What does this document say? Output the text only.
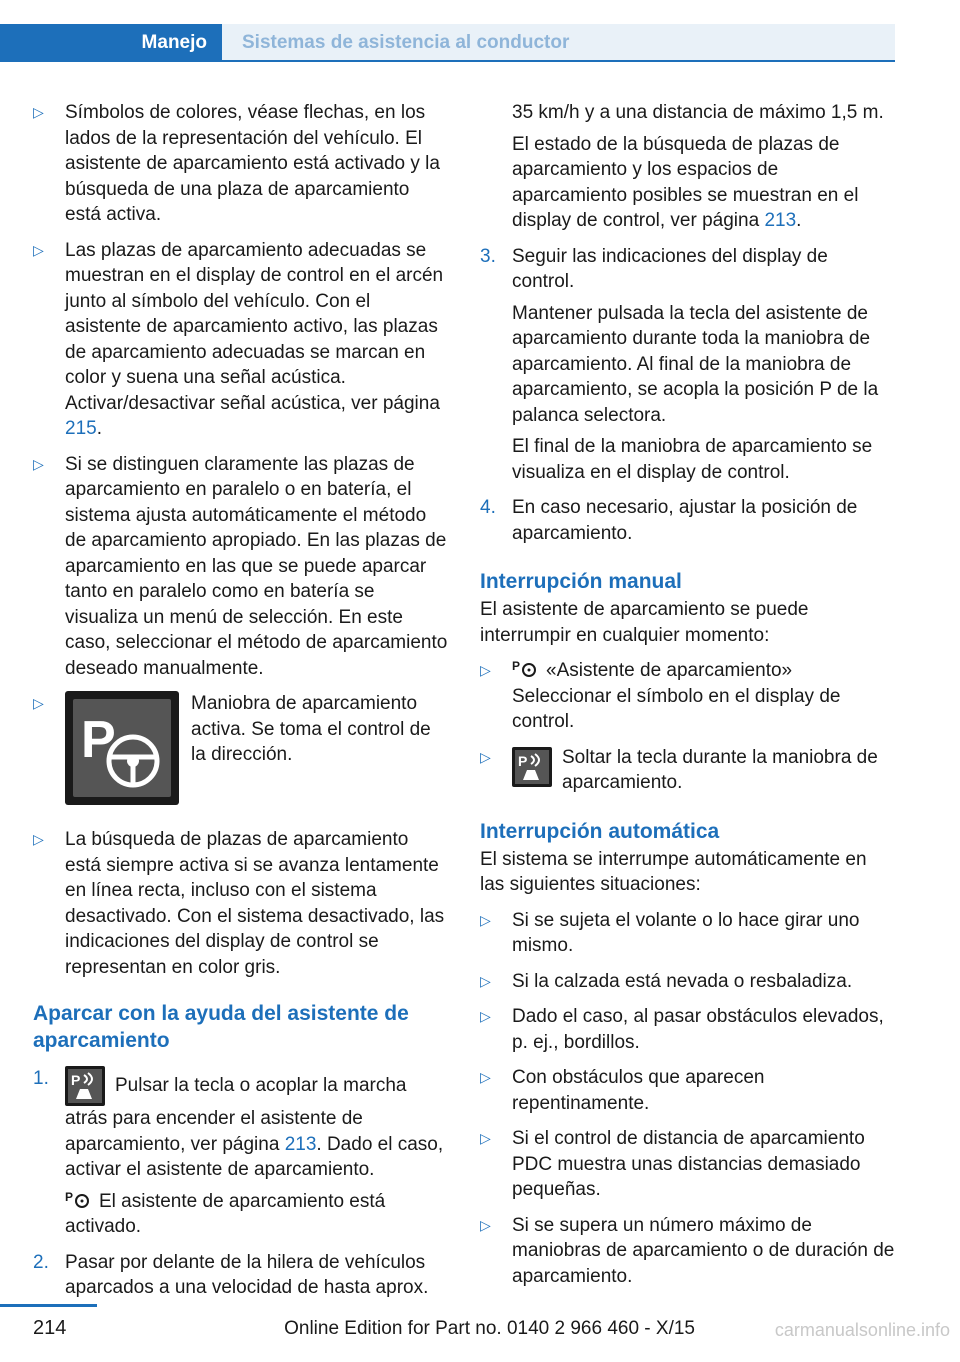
Manejo	Sistemas de asistencia al conductor
▷ Símbolos de colores, véase flechas, en los lados de la representación del vehículo. El asistente de aparcamiento está activado y la búsqueda de una plaza de aparcamiento está activa.

▷ Las plazas de aparcamiento adecuadas se muestran en el display de control en el arcén junto al símbolo del vehículo. Con el asistente de aparcamiento activo, las plazas de aparcamiento adecuadas se marcan en color y suena una señal acústica. Activar/desactivar señal acústica, ver página 215.

▷ Si se distinguen claramente las plazas de aparcamiento en paralelo o en batería, el sistema ajusta automáticamente el método de aparcamiento apropiado. En las plazas de aparcamiento en las que se puede aparcar tanto en paralelo como en batería se visualiza un menú de selección. En este caso, seleccionar el método de aparcamiento deseado manualmente.

▷
P

Maniobra de aparcamiento activa. Se toma el control de la dirección.

▷ La búsqueda de plazas de aparcamiento está siempre activa si se avanza lentamente en línea recta, incluso con el sistema desactivado. Con el sistema desactivado, las indicaciones del display de control se representan en color gris.

Aparcar con la ayuda del asistente de aparcamiento
1. P Pulsar la tecla o acoplar la marcha atrás para encender el asistente de aparcamiento, ver página 213. Dado el caso, activar el asistente de aparcamiento.

P El asistente de aparcamiento está activado.

2. Pasar por delante de la hilera de vehículos aparcados a una velocidad de hasta aprox.

35 km/h y a una distancia de máximo 1,5 m.

El estado de la búsqueda de plazas de aparcamiento y los espacios de aparcamiento posibles se muestran en el display de control, ver página 213.

3. Seguir las indicaciones del display de control.

Mantener pulsada la tecla del asistente de aparcamiento durante toda la maniobra de aparcamiento. Al final de la maniobra de aparcamiento, se acopla la posición P de la palanca selectora.

El final de la maniobra de aparcamiento se visualiza en el display de control.

4. En caso necesario, ajustar la posición de aparcamiento.

Interrupción manual

El asistente de aparcamiento se puede interrumpir en cualquier momento:

▷ P «Asistente de aparcamiento» Seleccionar el símbolo en el display de control.

▷ P Soltar la tecla durante la maniobra de aparcamiento.

Interrupción automática

El sistema se interrumpe automáticamente en las siguientes situaciones:

▷ Si se sujeta el volante o lo hace girar uno mismo.

▷ Si la calzada está nevada o resbaladiza.

▷ Dado el caso, al pasar obstáculos elevados, p. ej., bordillos.

▷ Con obstáculos que aparecen repentinamente.

▷ Si el control de distancia de aparcamiento PDC muestra unas distancias demasiado pequeñas.

▷ Si se supera un número máximo de maniobras de aparcamiento o de duración de aparcamiento.

214	Online Edition for Part no. 0140 2 966 460 - X/15	carmanualsonline.info
